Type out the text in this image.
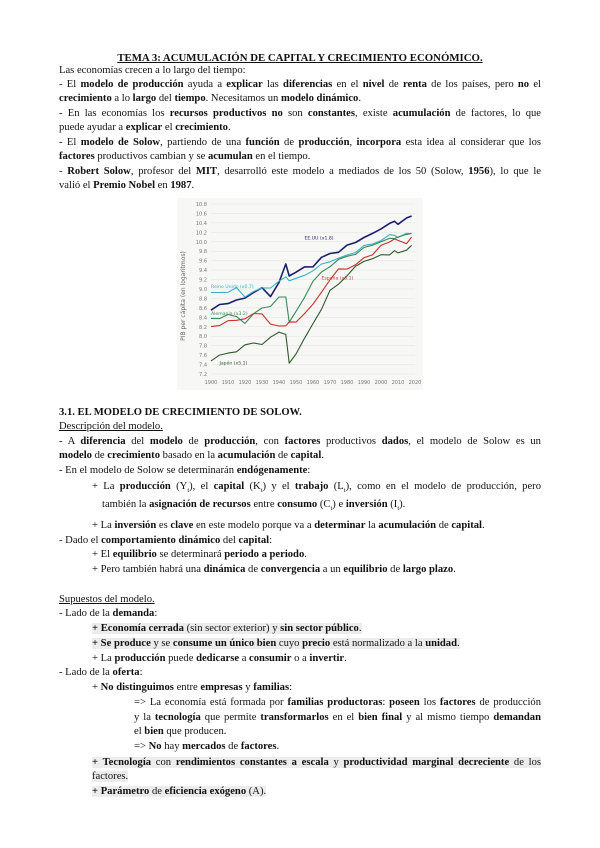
TEMA 3: ACUMULACIÓN DE CAPITAL Y CRECIMIENTO ECONÓMICO.
Las economías crecen a lo largo del tiempo:
- El modelo de producción ayuda a explicar las diferencias en el nivel de renta de los países, pero no el
crecimiento a lo largo del tiempo. Necesitamos un modelo dinámico.
- En las economías los recursos productivos no son constantes, existe acumulación de factores, lo que
puede ayudar a explicar el crecimiento.
- El modelo de Solow, partiendo de una función de producción, incorpora esta idea al considerar que los
factores productivos cambian y se acumulan en el tiempo.
- Robert Solow, profesor del MIT, desarrolló este modelo a mediados de los 50 (Solow, 1956), lo que le
valió el Premio Nobel en 1987.
7.2
7.4
7.6
7.8
8.0
8.2
8.4
8.6
8.8
9.0
9.2
9.4
9.6
9.8
10.0
10.2
10.4
10.6
10.8
1900 1910 1920 1930 1940 1950 1960 1970 1980 1990 2000 2010 2020
EE.UU (x1.8)
Reino Unido (x0.7)
Alemania (x3.2)
España (x3.1)
Japón (x5.1)
PIB per cápita (en logaritmos)
3.1. EL MODELO DE CRECIMIENTO DE SOLOW.
Descripción del modelo.
- A diferencia del modelo de producción, con factores productivos dados, el modelo de Solow es un
modelo de crecimiento basado en la acumulación de capital.
- En el modelo de Solow se determinarán endógenamente:
+ La producción $(Y_t)$, el capital $(K_t)$ y el trabajo $(L_t)$, como en el modelo de producción, pero
también la asignación de recursos entre consumo $(C_t)$ e inversión $(I_t)$.
+ La inversión es clave en este modelo porque va a determinar la acumulación de capital.
- Dado el comportamiento dinámico del capital:
+ El equilibrio se determinará periodo a periodo.
+ Pero también habrá una dinámica de convergencia a un equilibrio de largo plazo.
Supuestos del modelo.
- Lado de la demanda:
+ Economía cerrada (sin sector exterior) y sin sector público.
+ Se produce y se consume un único bien cuyo precio está normalizado a la unidad.
+ La producción puede dedicarse a consumir o a invertir.
- Lado de la oferta:
+ No distinguimos entre empresas y familias:
=> La economía está formada por familias productoras: poseen los factores de producción
y la tecnología que permite transformarlos en el bien final y al mismo tiempo demandan
el bien que producen.
=> No hay mercados de factores.
+ Tecnología con rendimientos constantes a escala y productividad marginal decreciente de los
factores.
+ Parámetro de eficiencia exógeno (A).
